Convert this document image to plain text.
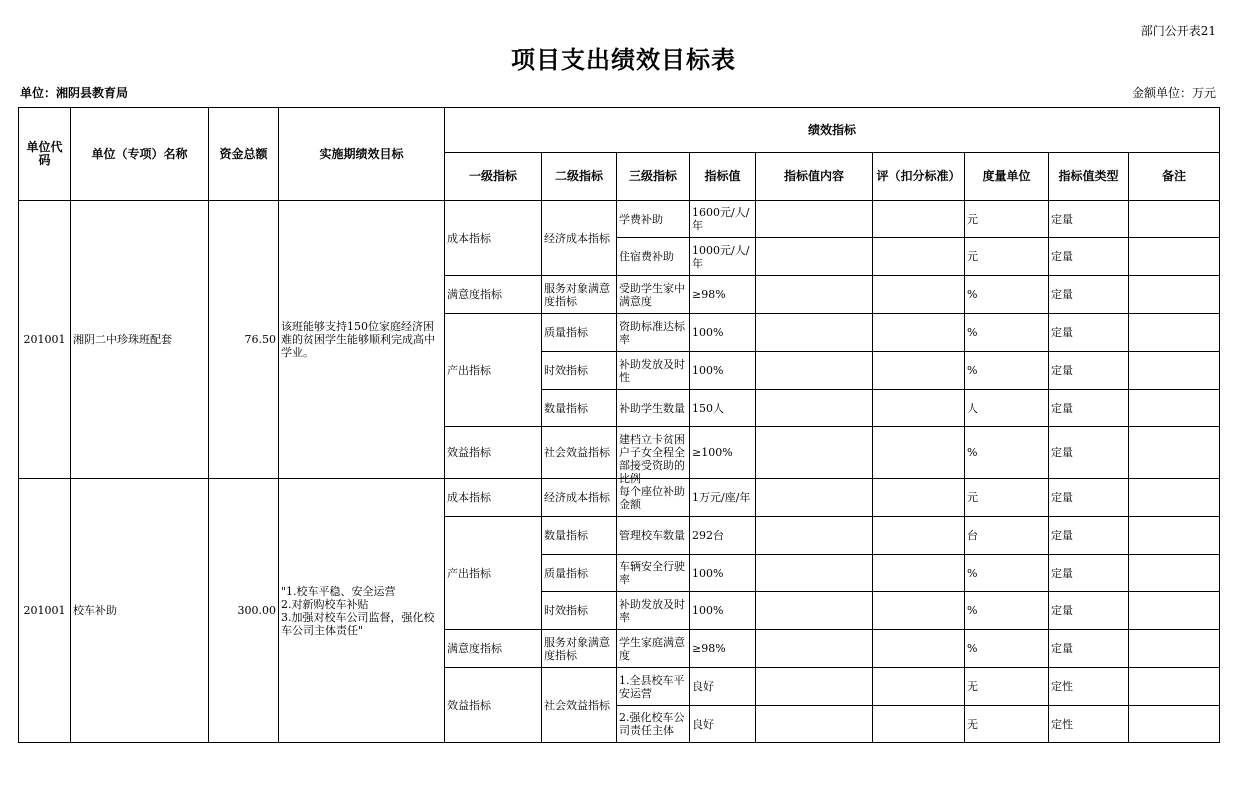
部门公开表21
项目支出绩效目标表
单位：湘阴县教育局	金额单位：万元
单位代码	单位（专项）名称	资金总额	实施期绩效目标	绩效指标								
				一级指标	二级指标	三级指标	指标值	指标值内容	评（扣分标准）	度量单位	指标值类型	备注
201001	湘阴二中珍珠班配套	76.50	该班能够支持150位家庭经济困难的贫困学生能够顺利完成高中学业。	成本指标	经济成本指标	学费补助	1600元/人/年			元	定量	

						住宿费补助	1000元/人/年			元	定量	
				满意度指标	服务对象满意度指标	受助学生家中满意度	≥98%			%	定量	
				产出指标	质量指标	资助标准达标率	100%			%	定量	
					时效指标	补助发放及时性	100%			%	定量	
					数量指标	补助学生数量	150人			人	定量	
				效益指标	社会效益指标	建档立卡贫困户子女全程全部接受资助的比例	≥100%			%	定量	
201001	校车补助	300.00	"1.校车平稳、安全运营
2.对新购校车补贴
3.加强对校车公司监督，强化校车公司主体责任"	成本指标	经济成本指标	每个座位补助金额	1万元/座/年			元	定量	
				产出指标	数量指标	管理校车数量	292台			台	定量	
					质量指标	车辆安全行驶率	100%			%	定量	
					时效指标	补助发放及时率	100%			%	定量	
				满意度指标	服务对象满意度指标	学生家庭满意度	≥98%			%	定量	
				效益指标	社会效益指标	1.全县校车平安运营	良好			无	定性	

						2.强化校车公司责任主体	良好			无	定性	
